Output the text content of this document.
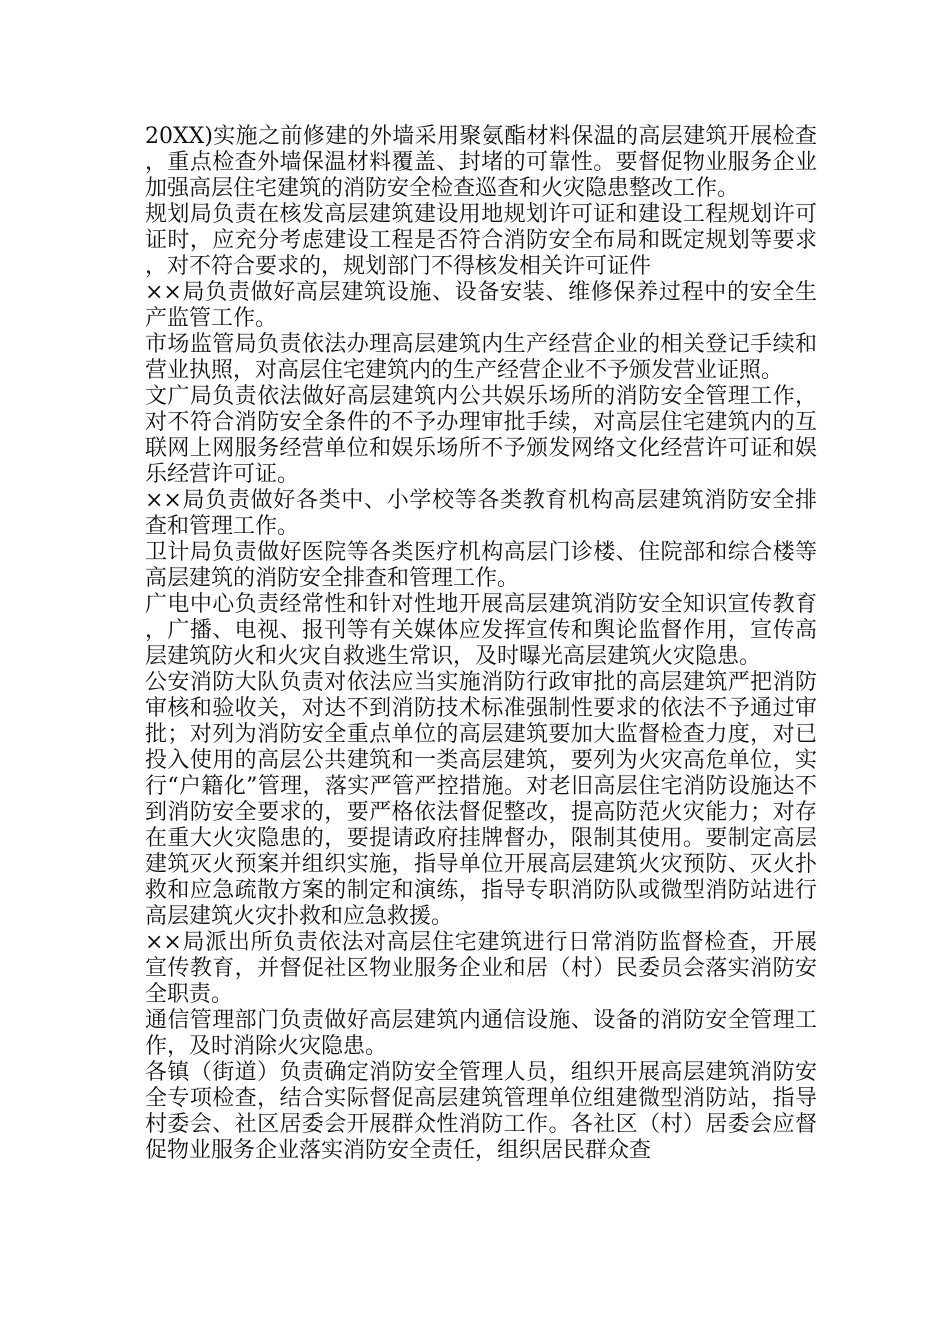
20XX)实施之前修建的外墙采用聚氨酯材料保温的高层建筑开展检查，重点检查外墙保温材料覆盖、封堵的可靠性。要督促物业服务企业加强高层住宅建筑的消防安全检查巡查和火灾隐患整改工作。

规划局负责在核发高层建筑建设用地规划许可证和建设工程规划许可证时，应充分考虑建设工程是否符合消防安全布局和既定规划等要求，对不符合要求的，规划部门不得核发相关许可证件

××局负责做好高层建筑设施、设备安装、维修保养过程中的安全生产监管工作。

市场监管局负责依法办理高层建筑内生产经营企业的相关登记手续和营业执照，对高层住宅建筑内的生产经营企业不予颁发营业证照。

文广局负责依法做好高层建筑内公共娱乐场所的消防安全管理工作，对不符合消防安全条件的不予办理审批手续，对高层住宅建筑内的互联网上网服务经营单位和娱乐场所不予颁发网络文化经营许可证和娱乐经营许可证。

××局负责做好各类中、小学校等各类教育机构高层建筑消防安全排查和管理工作。

卫计局负责做好医院等各类医疗机构高层门诊楼、住院部和综合楼等高层建筑的消防安全排查和管理工作。

广电中心负责经常性和针对性地开展高层建筑消防安全知识宣传教育，广播、电视、报刊等有关媒体应发挥宣传和舆论监督作用，宣传高层建筑防火和火灾自救逃生常识，及时曝光高层建筑火灾隐患。

公安消防大队负责对依法应当实施消防行政审批的高层建筑严把消防审核和验收关，对达不到消防技术标准强制性要求的依法不予通过审批；对列为消防安全重点单位的高层建筑要加大监督检查力度，对已投入使用的高层公共建筑和一类高层建筑，要列为火灾高危单位，实行“户籍化”管理，落实严管严控措施。对老旧高层住宅消防设施达不到消防安全要求的，要严格依法督促整改，提高防范火灾能力；对存在重大火灾隐患的，要提请政府挂牌督办，限制其使用。要制定高层建筑灭火预案并组织实施，指导单位开展高层建筑火灾预防、灭火扑救和应急疏散方案的制定和演练，指导专职消防队或微型消防站进行高层建筑火灾扑救和应急救援。

××局派出所负责依法对高层住宅建筑进行日常消防监督检查，开展宣传教育，并督促社区物业服务企业和居（村）民委员会落实消防安全职责。

通信管理部门负责做好高层建筑内通信设施、设备的消防安全管理工作，及时消除火灾隐患。

各镇（街道）负责确定消防安全管理人员，组织开展高层建筑消防安全专项检查，结合实际督促高层建筑管理单位组建微型消防站，指导村委会、社区居委会开展群众性消防工作。各社区（村）居委会应督促物业服务企业落实消防安全责任，组织居民群众查
